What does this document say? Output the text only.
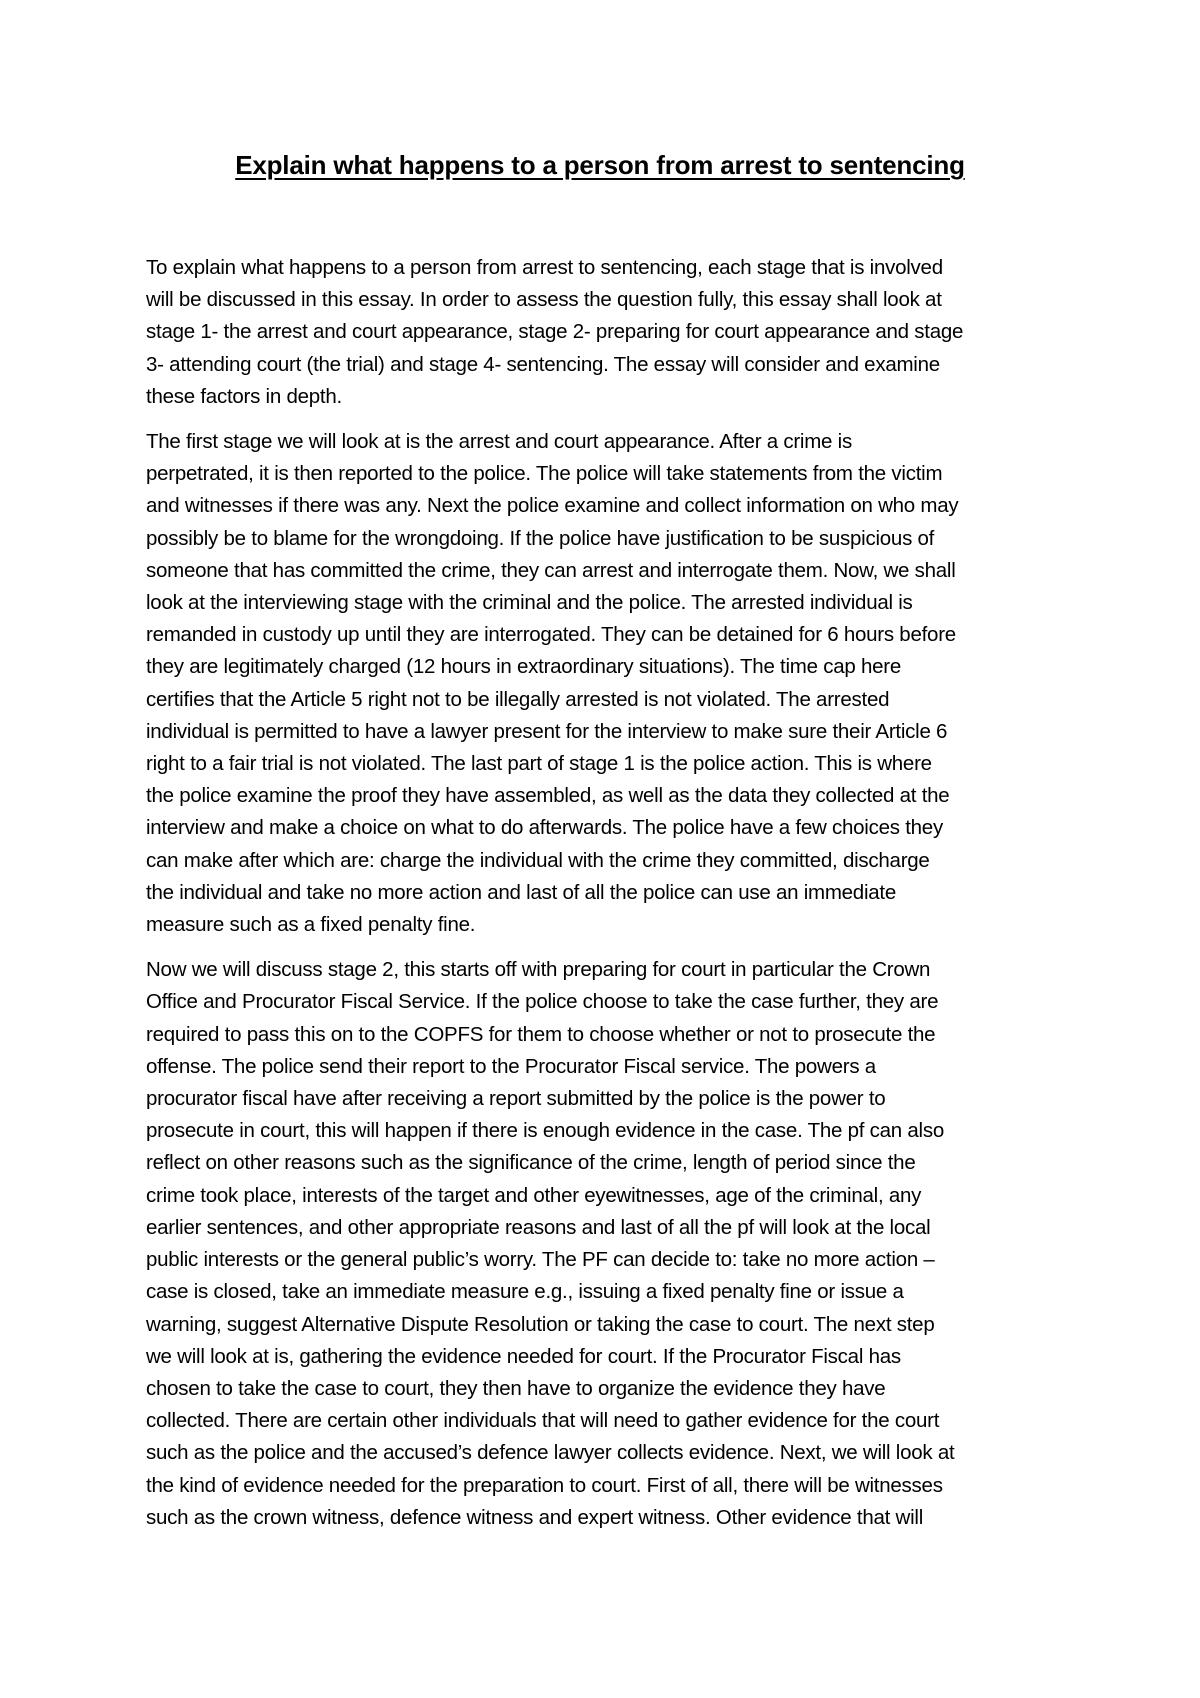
Explain what happens to a person from arrest to sentencing

To explain what happens to a person from arrest to sentencing, each stage that is involved
will be discussed in this essay. In order to assess the question fully, this essay shall look at
stage 1- the arrest and court appearance, stage 2- preparing for court appearance and stage
3- attending court (the trial) and stage 4- sentencing. The essay will consider and examine
these factors in depth.

The first stage we will look at is the arrest and court appearance. After a crime is
perpetrated, it is then reported to the police. The police will take statements from the victim
and witnesses if there was any. Next the police examine and collect information on who may
possibly be to blame for the wrongdoing. If the police have justification to be suspicious of
someone that has committed the crime, they can arrest and interrogate them. Now, we shall
look at the interviewing stage with the criminal and the police. The arrested individual is
remanded in custody up until they are interrogated. They can be detained for 6 hours before
they are legitimately charged (12 hours in extraordinary situations). The time cap here
certifies that the Article 5 right not to be illegally arrested is not violated. The arrested
individual is permitted to have a lawyer present for the interview to make sure their Article 6
right to a fair trial is not violated. The last part of stage 1 is the police action. This is where
the police examine the proof they have assembled, as well as the data they collected at the
interview and make a choice on what to do afterwards. The police have a few choices they
can make after which are: charge the individual with the crime they committed, discharge
the individual and take no more action and last of all the police can use an immediate
measure such as a fixed penalty fine.

Now we will discuss stage 2, this starts off with preparing for court in particular the Crown
Office and Procurator Fiscal Service. If the police choose to take the case further, they are
required to pass this on to the COPFS for them to choose whether or not to prosecute the
offense. The police send their report to the Procurator Fiscal service. The powers a
procurator fiscal have after receiving a report submitted by the police is the power to
prosecute in court, this will happen if there is enough evidence in the case. The pf can also
reflect on other reasons such as the significance of the crime, length of period since the
crime took place, interests of the target and other eyewitnesses, age of the criminal, any
earlier sentences, and other appropriate reasons and last of all the pf will look at the local
public interests or the general public’s worry. The PF can decide to: take no more action –
case is closed, take an immediate measure e.g., issuing a fixed penalty fine or issue a
warning, suggest Alternative Dispute Resolution or taking the case to court. The next step
we will look at is, gathering the evidence needed for court. If the Procurator Fiscal has
chosen to take the case to court, they then have to organize the evidence they have
collected. There are certain other individuals that will need to gather evidence for the court
such as the police and the accused’s defence lawyer collects evidence. Next, we will look at
the kind of evidence needed for the preparation to court. First of all, there will be witnesses
such as the crown witness, defence witness and expert witness. Other evidence that will
